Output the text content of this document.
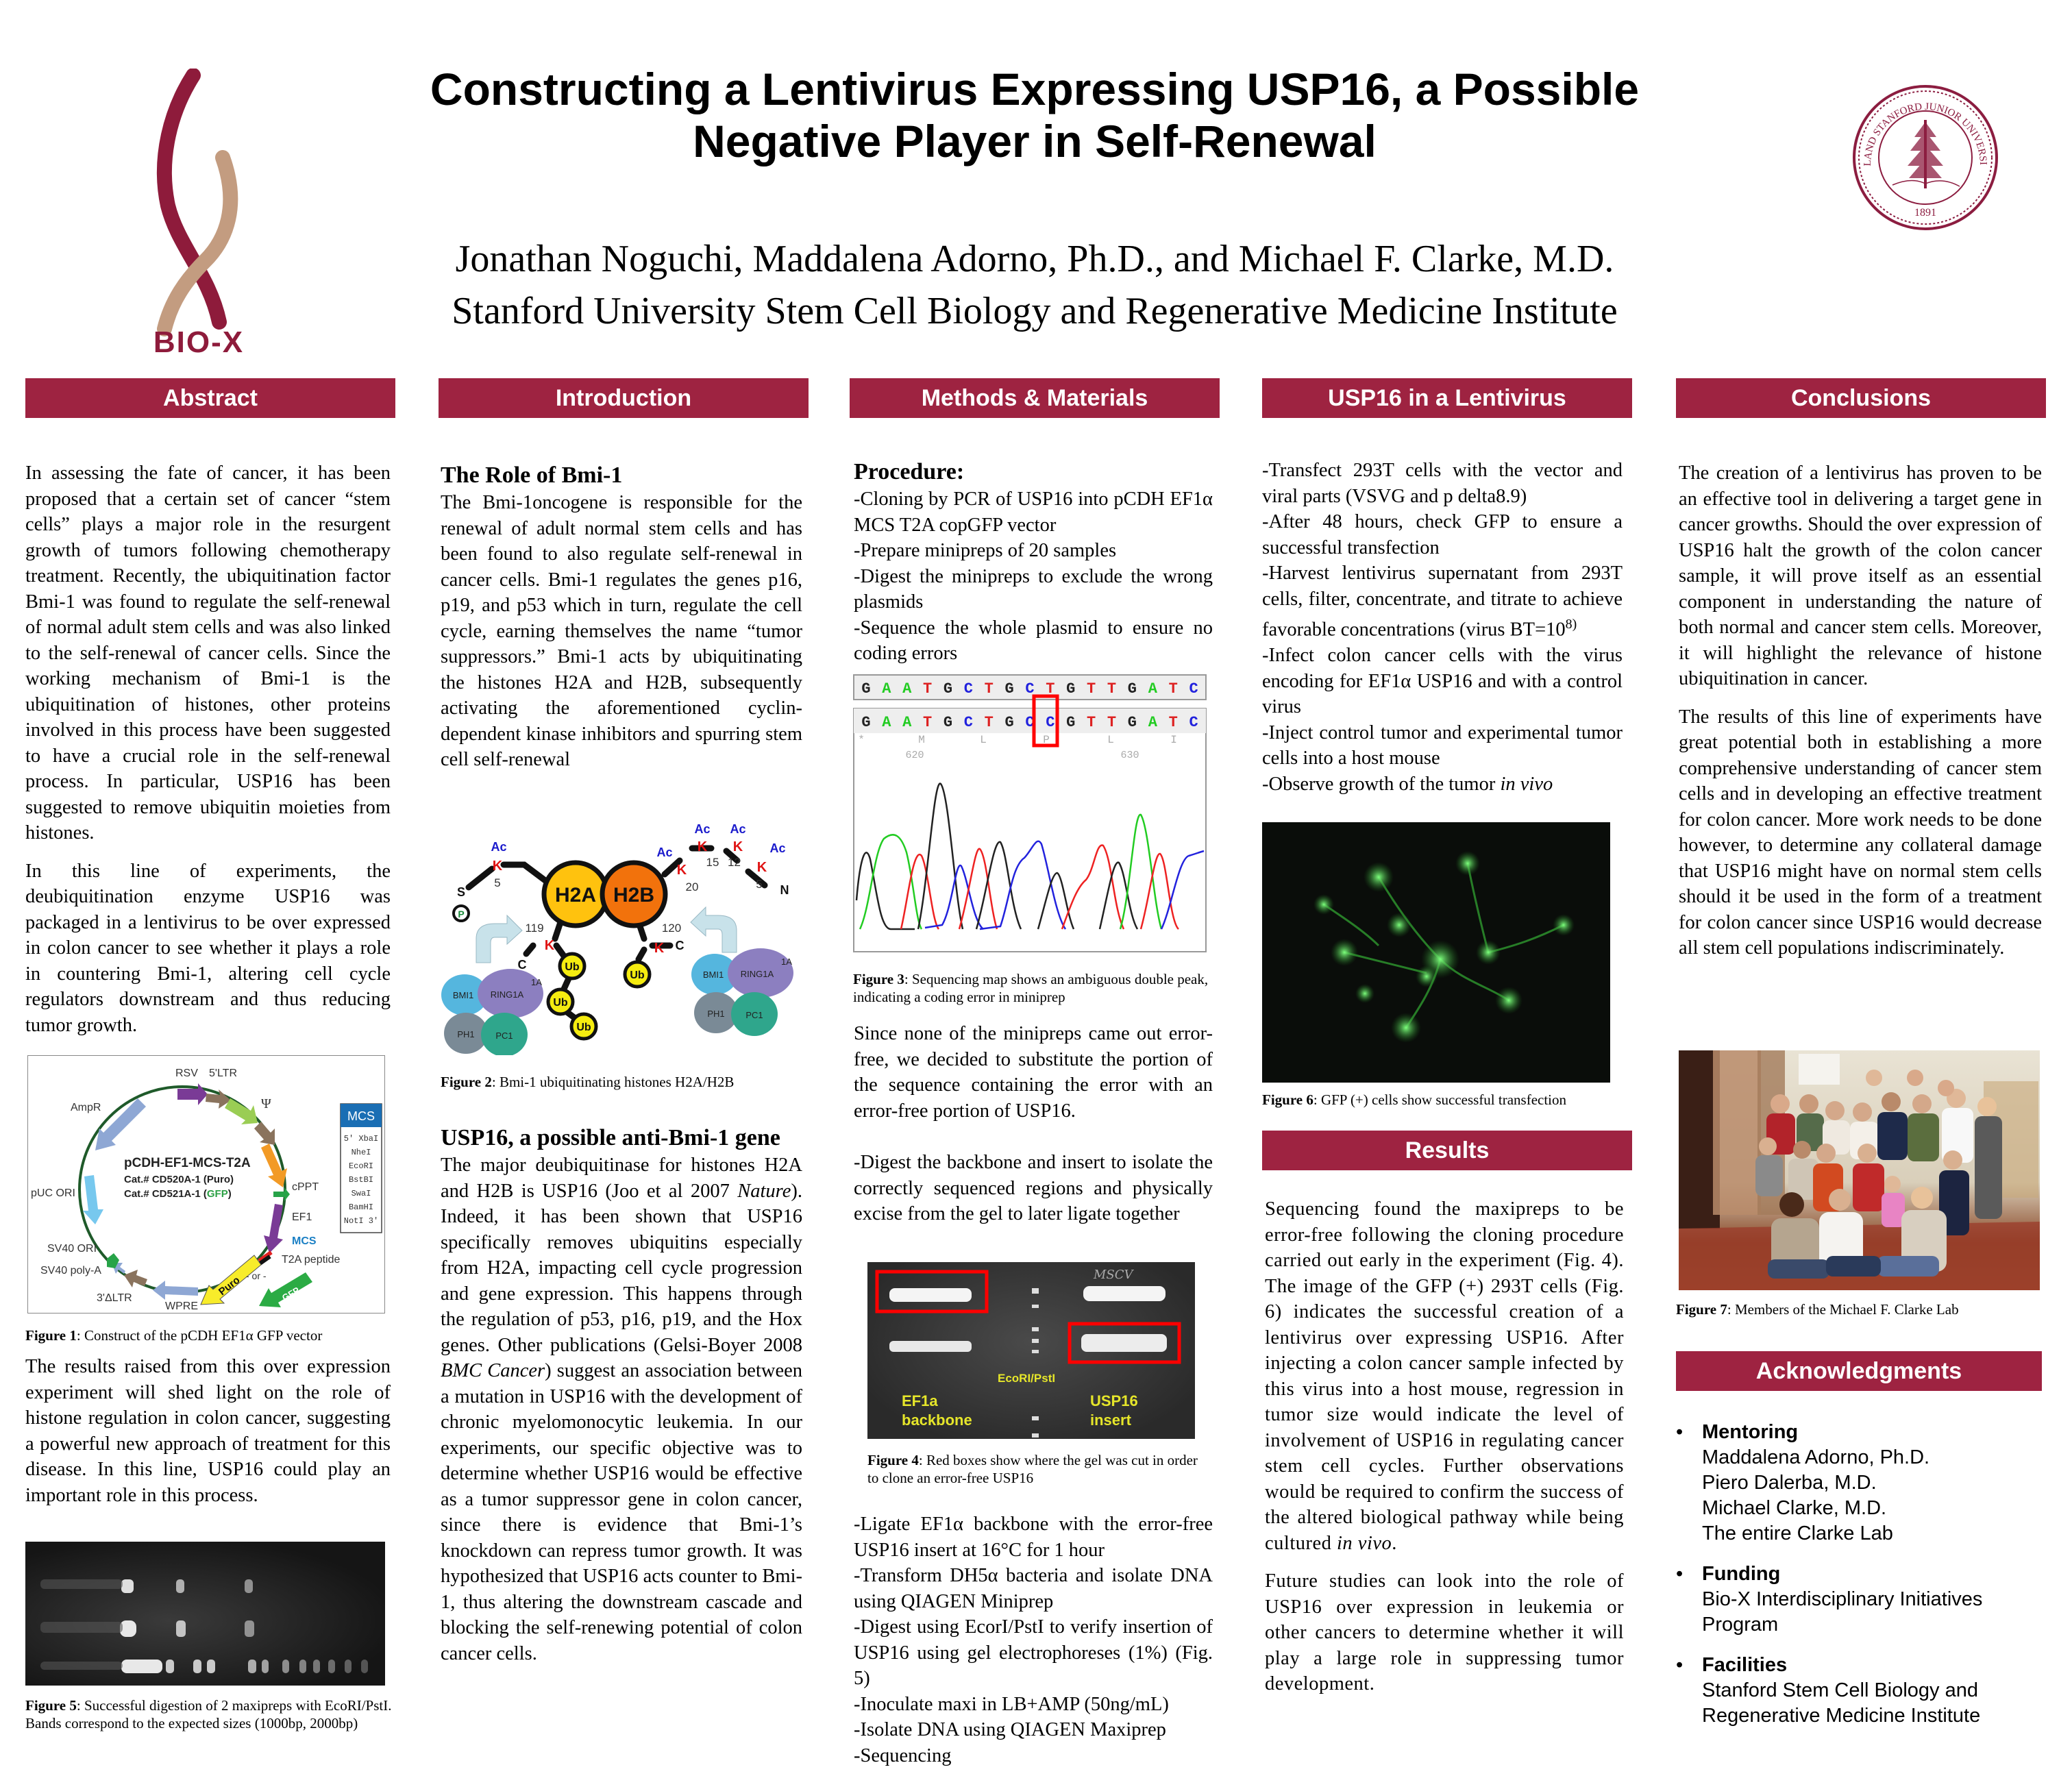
BIO-X
Constructing a Lentivirus Expressing USP16, a Possible
Negative Player in Self-Renewal
Jonathan Noguchi, Maddalena Adorno, Ph.D., and Michael F. Clarke, M.D.
Stanford University Stem Cell Biology and Regenerative Medicine Institute
LAND STANFORD JUNIOR UNIVERSI
1891
Abstract	Introduction	Methods & Materials	USP16 in a Lentivirus	Conclusions

In assessing the fate of cancer, it has been proposed that a certain set of cancer “stem cells” plays a major role in the resurgent growth of tumors following chemotherapy treatment. Recently, the ubiquitination factor Bmi-1 was found to regulate the self-renewal of normal adult stem cells and was also linked to the self-renewal of cancer cells. Since the working mechanism of Bmi-1 is the ubiquitination of histones, other proteins involved in this process have been suggested to have a crucial role in the self-renewal process. In particular, USP16 has been suggested to remove ubiquitin moieties from histones.

In this line of experiments, the deubiquitination enzyme USP16 was packaged in a lentivirus to be over expressed in colon cancer to see whether it plays a role in countering Bmi-1, altering cell cycle regulators downstream and thus reducing tumor growth.

RSV 5'LTR
Ψ
AmpR
cPPT
pUC ORI
EF1
MCS
T2A peptide
SV40 ORI
SV40 poly-A
3'ΔLTR
WPRE
Puro - or -
GFP
pCDH-EF1-MCS-T2A
Cat.# CD520A-1 (Puro)
Cat.# CD521A-1 (GFP)
MCS
5' XbaI
NheI
EcoRI
BstBI
SwaI
BamHI
NotI 3'
Figure 1: Construct of the pCDH EF1α GFP vector

The results raised from this over expression experiment will shed light on the role of histone regulation in colon cancer, suggesting a powerful new approach of treatment for this disease. In this line, USP16 could play an important role in this process.

Figure 5: Successful digestion of 2 maxipreps with EcoRI/PstI. Bands correspond to the expected sizes (1000bp, 2000bp)
The Role of Bmi-1

The Bmi-1oncogene is responsible for the renewal of adult normal stem cells and has been found to also regulate self-renewal in cancer cells. Bmi-1 regulates the genes p16, p19, and p53 which in turn, regulate the cell cycle, earning themselves the name “tumor suppressors.” Bmi-1 acts by ubiquitinating the histones H2A and H2B, subsequently activating the aforementioned cyclin-dependent kinase inhibitors and spurring stem cell self-renewal

H2A H2B
Ac	Ac
Ac Ac
Ac
K	K
K K
K
K	K
5
119	120
20
15 12
5
S
C
C
N
P
Ub
Ub
Ub
Ub
BMI1 RING1A
1A
PH1 PC1
BMI1 RING1A
1A
PH1 PC1
Figure 2: Bmi-1 ubiquitinating histones H2A/H2B
USP16, a possible anti-Bmi-1 gene

The major deubiquitinase for histones H2A and H2B is USP16 (Joo et al 2007 Nature). Indeed, it has been shown that USP16 specifically removes ubiquitins especially from H2A, impacting cell cycle progression and gene expression. This happens through the regulation of p53, p16, p19, and the Hox genes. Other publications (Gelsi-Boyer 2008 BMC Cancer) suggest an association between a mutation in USP16 with the development of chronic myelomonocytic leukemia. In our experiments, our specific objective was to determine whether USP16 would be effective as a tumor suppressor gene in colon cancer, since there is evidence that Bmi-1’s knockdown can repress tumor growth. It was hypothesized that USP16 acts counter to Bmi-1, thus altering the downstream cascade and blocking the self-renewing potential of colon cancer cells.

Procedure:
-Cloning by PCR of USP16 into pCDH EF1α MCS T2A copGFP vector
-Prepare minipreps of 20 samples
-Digest the minipreps to exclude the wrong plasmids
-Sequence the whole plasmid to ensure no coding errors
G A A T G C T G C T G T T G A T C
G A A T G C T G C C G T T G A T C
*	M	L	P	L	I
620	630
Figure 3: Sequencing map shows an ambiguous double peak, indicating a coding error in miniprep

Since none of the minipreps came out error-free, we decided to substitute the portion of the sequence containing the error with an error-free portion of USP16.

-Digest the backbone and insert to isolate the correctly sequenced regions and physically excise from the gel to later ligate together

MSCV
EF1a
backbone
EcoRI/PstI
USP16
insert
Figure 4: Red boxes show where the gel was cut in order to clone an error-free USP16
-Ligate EF1α backbone with the error-free USP16 insert at 16°C for 1 hour
-Transform DH5α bacteria and isolate DNA using QIAGEN Miniprep
-Digest using EcorI/PstI to verify insertion of USP16 using gel electrophoreses (1%) (Fig. 5)
-Inoculate maxi in LB+AMP (50ng/mL)
-Isolate DNA using QIAGEN Maxiprep
-Sequencing
-Transfect 293T cells with the vector and viral parts (VSVG and p delta8.9)
-After 48 hours, check GFP to ensure a successful transfection
-Harvest lentivirus supernatant from 293T cells, filter, concentrate, and titrate to achieve favorable concentrations (virus $BT=10^{8)}$
-Infect colon cancer cells with the virus encoding for EF1α USP16 and with a control virus
-Inject control tumor and experimental tumor cells into a host mouse
-Observe growth of the tumor in vivo
Figure 6: GFP (+) cells show successful transfection
Results

Sequencing found the maxipreps to be error-free following the cloning procedure carried out early in the experiment (Fig. 4). The image of the GFP (+) 293T cells (Fig. 6) indicates the successful creation of a lentivirus over expressing USP16. After injecting a colon cancer sample infected by this virus into a host mouse, regression in tumor size would indicate the level of involvement of USP16 in regulating cancer stem cell cycles. Further observations would be required to confirm the success of the altered biological pathway while being cultured in vivo.

Future studies can look into the role of USP16 over expression in leukemia or other cancers to determine whether it will play a large role in suppressing tumor development.

The creation of a lentivirus has proven to be an effective tool in delivering a target gene in cancer growths. Should the over expression of USP16 halt the growth of the colon cancer sample, it will prove itself as an essential component in understanding the nature of both normal and cancer stem cells. Moreover, it will highlight the relevance of histone ubiquitination in cancer.

The results of this line of experiments have great potential both in establishing a more comprehensive understanding of cancer stem cells and in developing an effective treatment for colon cancer. More work needs to be done however, to determine any collateral damage that USP16 might have on normal stem cells should it be used in the form of a treatment for colon cancer since USP16 would decrease all stem cell populations indiscriminately.

Figure 7: Members of the Michael F. Clarke Lab
Acknowledgments
• Mentoring
Maddalena Adorno, Ph.D.
Piero Dalerba, M.D.
Michael Clarke, M.D.
The entire Clarke Lab
• Funding
Bio-X Interdisciplinary Initiatives
Program
• Facilities
Stanford Stem Cell Biology and
Regenerative Medicine Institute
